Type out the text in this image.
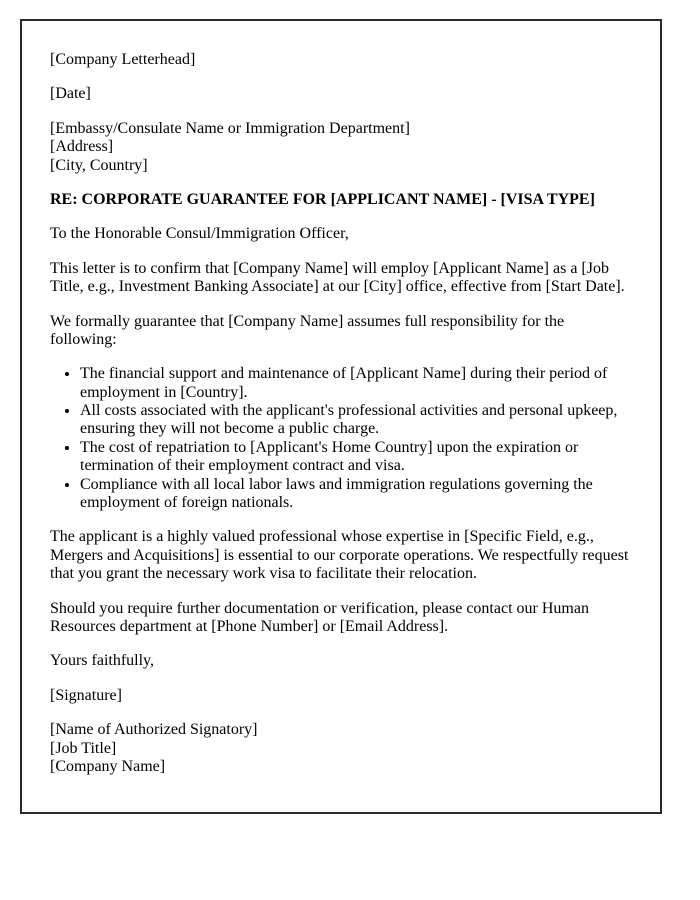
[Company Letterhead]

[Date]

[Embassy/Consulate Name or Immigration Department]
[Address]
[City, Country]

RE: CORPORATE GUARANTEE FOR [APPLICANT NAME] - [VISA TYPE]

To the Honorable Consul/Immigration Officer,

This letter is to confirm that [Company Name] will employ [Applicant Name] as a [Job Title, e.g., Investment Banking Associate] at our [City] office, effective from [Start Date].

We formally guarantee that [Company Name] assumes full responsibility for the following:

• The financial support and maintenance of [Applicant Name] during their period of employment in [Country].
• All costs associated with the applicant's professional activities and personal upkeep, ensuring they will not become a public charge.
• The cost of repatriation to [Applicant's Home Country] upon the expiration or termination of their employment contract and visa.
• Compliance with all local labor laws and immigration regulations governing the employment of foreign nationals.

The applicant is a highly valued professional whose expertise in [Specific Field, e.g., Mergers and Acquisitions] is essential to our corporate operations. We respectfully request that you grant the necessary work visa to facilitate their relocation.

Should you require further documentation or verification, please contact our Human Resources department at [Phone Number] or [Email Address].

Yours faithfully,

[Signature]

[Name of Authorized Signatory]
[Job Title]
[Company Name]
